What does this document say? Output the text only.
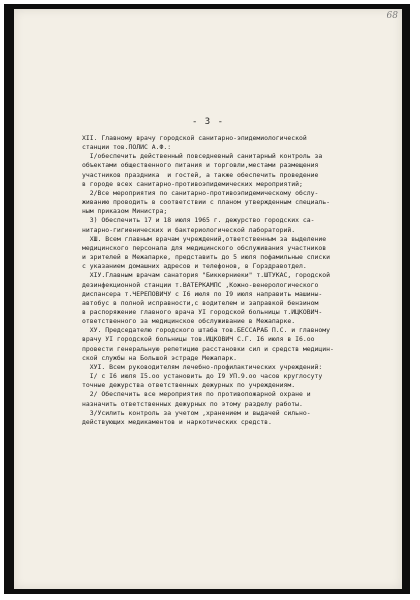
68
- 3 -
XII. Главному врачу городской санитарно-эпидемиологической
станции тов.ПОЛИС А.Ф.:
I/обеспечить действенный повседневный санитарный контроль за
объектами общественного питания и торговли,местами размещения
участников праздника  и гостей, а также обеспечить проведение
в городе всех санитарно-противоэпидемических мероприятий;
2/Все мероприятия по санитарно-противоэпидемическому обслу-
живанию проводить в соответствии с планом утвержденным специаль-
ным приказом Министра;
3) Обеспечить 17 и 18 июля 1965 г. дежурство городских са-
нитарно-гигиенических и бактериологической лабораторий.
XШ. Всем главным врачам учреждений,ответственным за выделение
медицинского персонала для медицинского обслуживания участников
и зрителей в Межапарке, представить до 5 июля пофамильные списки
с указанием домашних адресов и телефонов, в Горздравотдел.
XIУ.Главным врачам санатория "Биккерниеки" т.ШТУКАС, городской
дезинфекционной станции т.ВАТЕРКАМПС ,Кожно-венерологического
диспансера т.ЧЕРЕПОВИЧУ с I6 июля по I9 июля направить машины-
автобус в полной исправности,с водителем и заправкой бензином
в распоряжение главного врача УI городской больницы т.ИЦКОВИЧ-
ответственного за медицинское обслуживание в Межапарке.
ХУ. Председателю городского штаба тов.БЕССАРАБ П.С. и главному
врачу УI городской больницы тов.ИЦКОВИЧ С.Г. I6 июля в I6.оо
провести генеральную репетицию расстановки сил и средств медицин-
ской службы на Большой эстраде Межапарк.
ХУI. Всем руководителям лечебно-профилактических учреждений:
I/ с I6 июля I5.оо установить до I9 УП.9.оо часов круглосуту
точные дежурства ответственных дежурных по учреждениям.
2/ Обеспечить все мероприятия по противопожарной охране и
назначить ответственных дежурных по этому разделу работы.
3/Усилить контроль за учетом ,хранением и выдачей сильно-
действующих медикаментов и наркотических средств.
